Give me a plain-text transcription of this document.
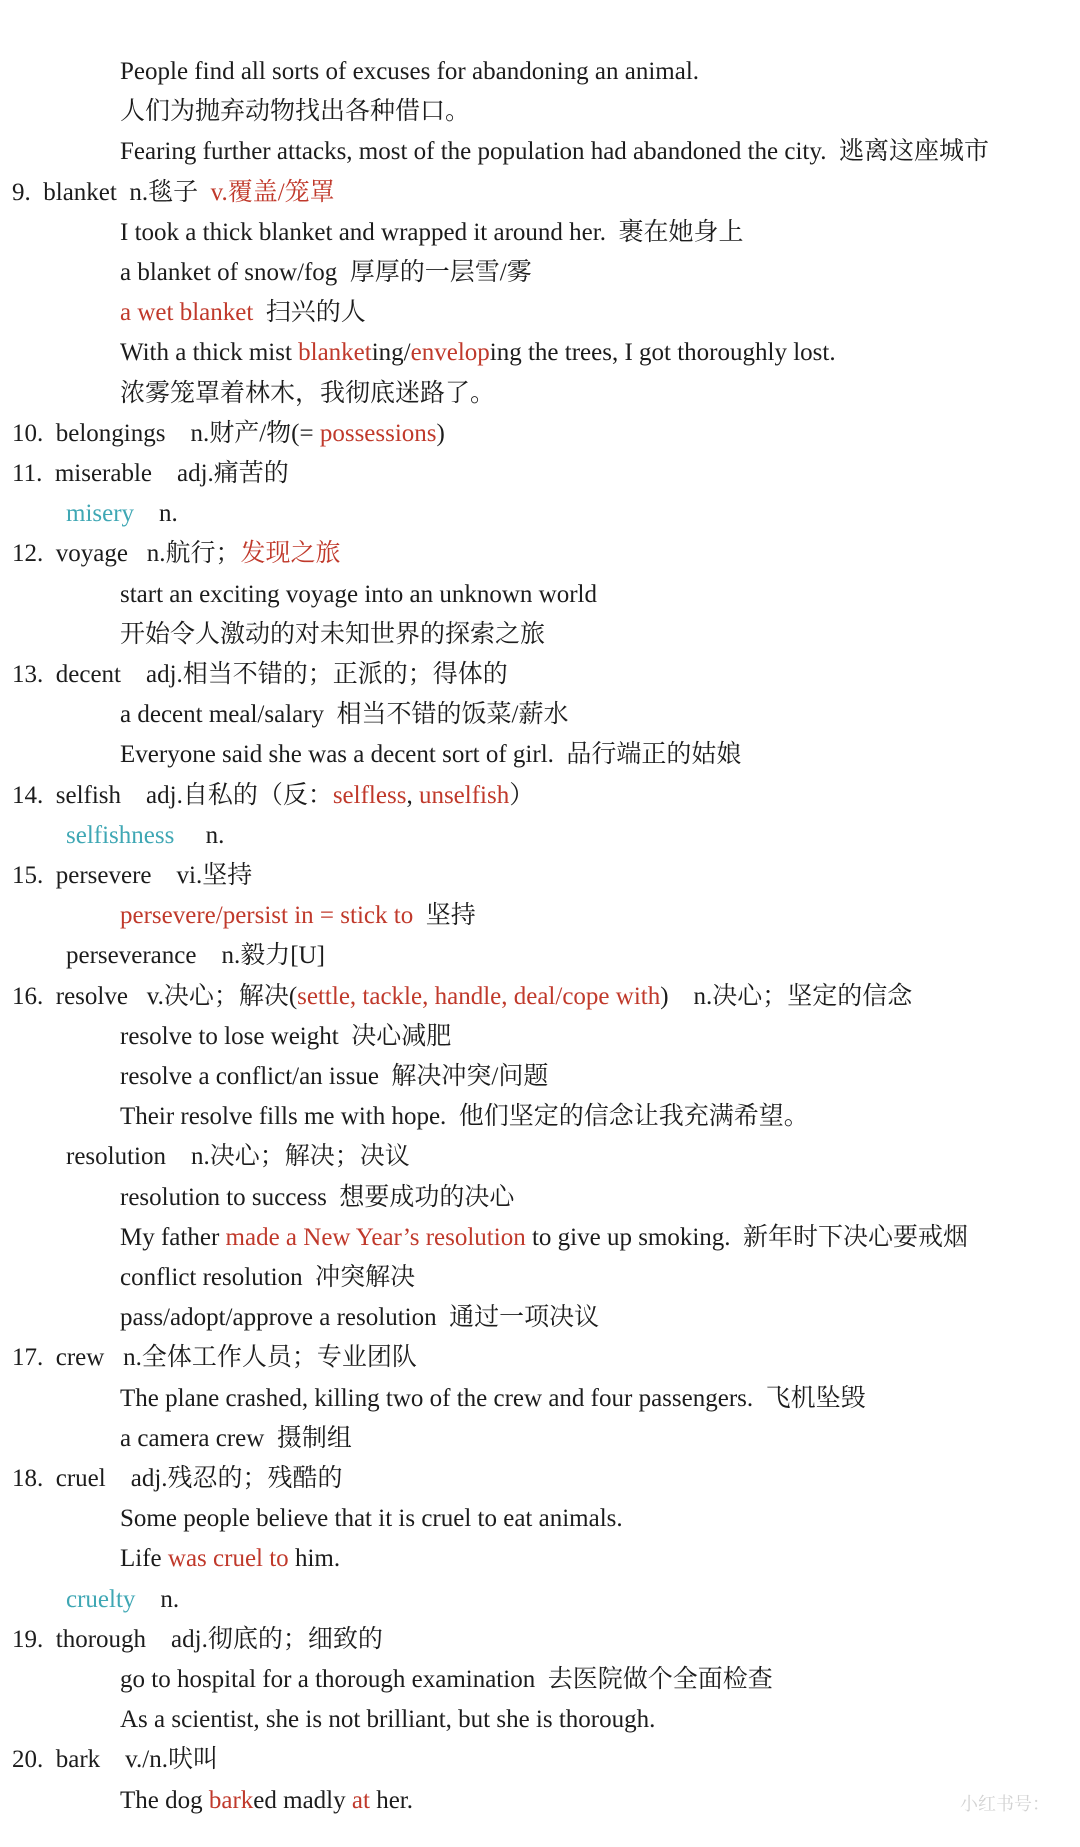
People find all sorts of excuses for abandoning an animal.
人们为抛弃动物找出各种借口。
Fearing further attacks, most of the population had abandoned the city.  逃离这座城市
9.  blanket  n.毯子  v.覆盖/笼罩
I took a thick blanket and wrapped it around her.  裹在她身上
a blanket of snow/fog  厚厚的一层雪/雾
a wet blanket  扫兴的人
With a thick mist blanketing/enveloping the trees, I got thoroughly lost.
浓雾笼罩着林木，我彻底迷路了。
10.  belongings    n.财产/物(= possessions)
11.  miserable    adj.痛苦的
misery    n.
12.  voyage   n.航行；发现之旅
start an exciting voyage into an unknown world
开始令人激动的对未知世界的探索之旅
13.  decent    adj.相当不错的；正派的；得体的
a decent meal/salary  相当不错的饭菜/薪水
Everyone said she was a decent sort of girl.  品行端正的姑娘
14.  selfish    adj.自私的（反：selfless, unselfish）
selfishness     n.
15.  persevere    vi.坚持
persevere/persist in = stick to  坚持
perseverance    n.毅力[U]
16.  resolve   v.决心；解决(settle, tackle, handle, deal/cope with)    n.决心；坚定的信念
resolve to lose weight  决心减肥
resolve a conflict/an issue  解决冲突/问题
Their resolve fills me with hope.  他们坚定的信念让我充满希望。
resolution    n.决心；解决；决议
resolution to success  想要成功的决心
My father made a New Year’s resolution to give up smoking.  新年时下决心要戒烟
conflict resolution  冲突解决
pass/adopt/approve a resolution  通过一项决议
17.  crew   n.全体工作人员；专业团队
The plane crashed, killing two of the crew and four passengers.  飞机坠毁
a camera crew  摄制组
18.  cruel    adj.残忍的；残酷的
Some people believe that it is cruel to eat animals.
Life was cruel to him.
cruelty    n.
19.  thorough    adj.彻底的；细致的
go to hospital for a thorough examination  去医院做个全面检查
As a scientist, she is not brilliant, but she is thorough.
20.  bark    v./n.吠叫
The dog barked madly at her.	小红书号：
